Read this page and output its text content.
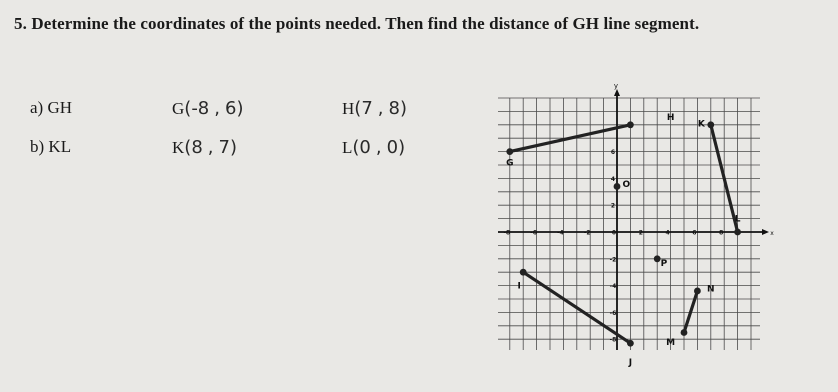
5. Determine the coordinates of the points needed. Then find the distance of GH line segment.
a) GH	G(-8 , 6)	H(7 , 8)
b) KL	K(8 , 7)	L(0 , 0)
y
x
-8	-6	-4	-2	0	2	4	6	8
6
4
2
-2
-4
-6
-8
H
K
G
O
L
P
I	N
J
M
